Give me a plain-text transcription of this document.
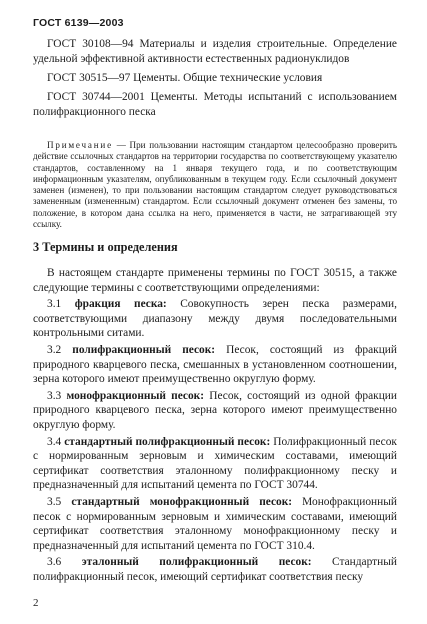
ГОСТ 6139—2003

ГОСТ 30108—94 Материалы и изделия строительные. Определение удельной эффективной активности естественных радионуклидов

ГОСТ 30515—97 Цементы. Общие технические условия

ГОСТ 30744—2001 Цементы. Методы испытаний с использованием полифракционного песка

Примечание — При пользовании настоящим стандартом целесообразно проверить действие ссылочных стандартов на территории государства по соответствующему указателю стандартов, составленному на 1 января текущего года, и по соответствующим информационным указателям, опубликованным в текущем году. Если ссылочный документ заменен (изменен), то при пользовании настоящим стандартом следует руководствоваться замененным (измененным) стандартом. Если ссылочный документ отменен без замены, то положение, в котором дана ссылка на него, применяется в части, не затрагивающей эту ссылку.
3 Термины и определения

В настоящем стандарте применены термины по ГОСТ 30515, а также следующие термины с соответствующими определениями:

3.1 фракция песка: Совокупность зерен песка размерами, соответствующими диапазону между двумя последовательными контрольными ситами.

3.2 полифракционный песок: Песок, состоящий из фракций природного кварцевого песка, смешанных в установленном соотношении, зерна которого имеют преимущественно округлую форму.

3.3 монофракционный песок: Песок, состоящий из одной фракции природного кварцевого песка, зерна которого имеют преимущественно округлую форму.

3.4 стандартный полифракционный песок: Полифракционный песок с нормированным зерновым и химическим составами, имеющий сертификат соответствия эталонному полифракционному песку и предназначенный для испытаний цемента по ГОСТ 30744.

3.5 стандартный монофракционный песок: Монофракционный песок с нормированным зерновым и химическим составами, имеющий сертификат соответствия эталонному монофракционному песку и предназначенный для испытаний цемента по ГОСТ 310.4.

3.6 эталонный полифракционный песок: Стандартный полифракционный песок, имеющий сертификат соответствия песку

2
